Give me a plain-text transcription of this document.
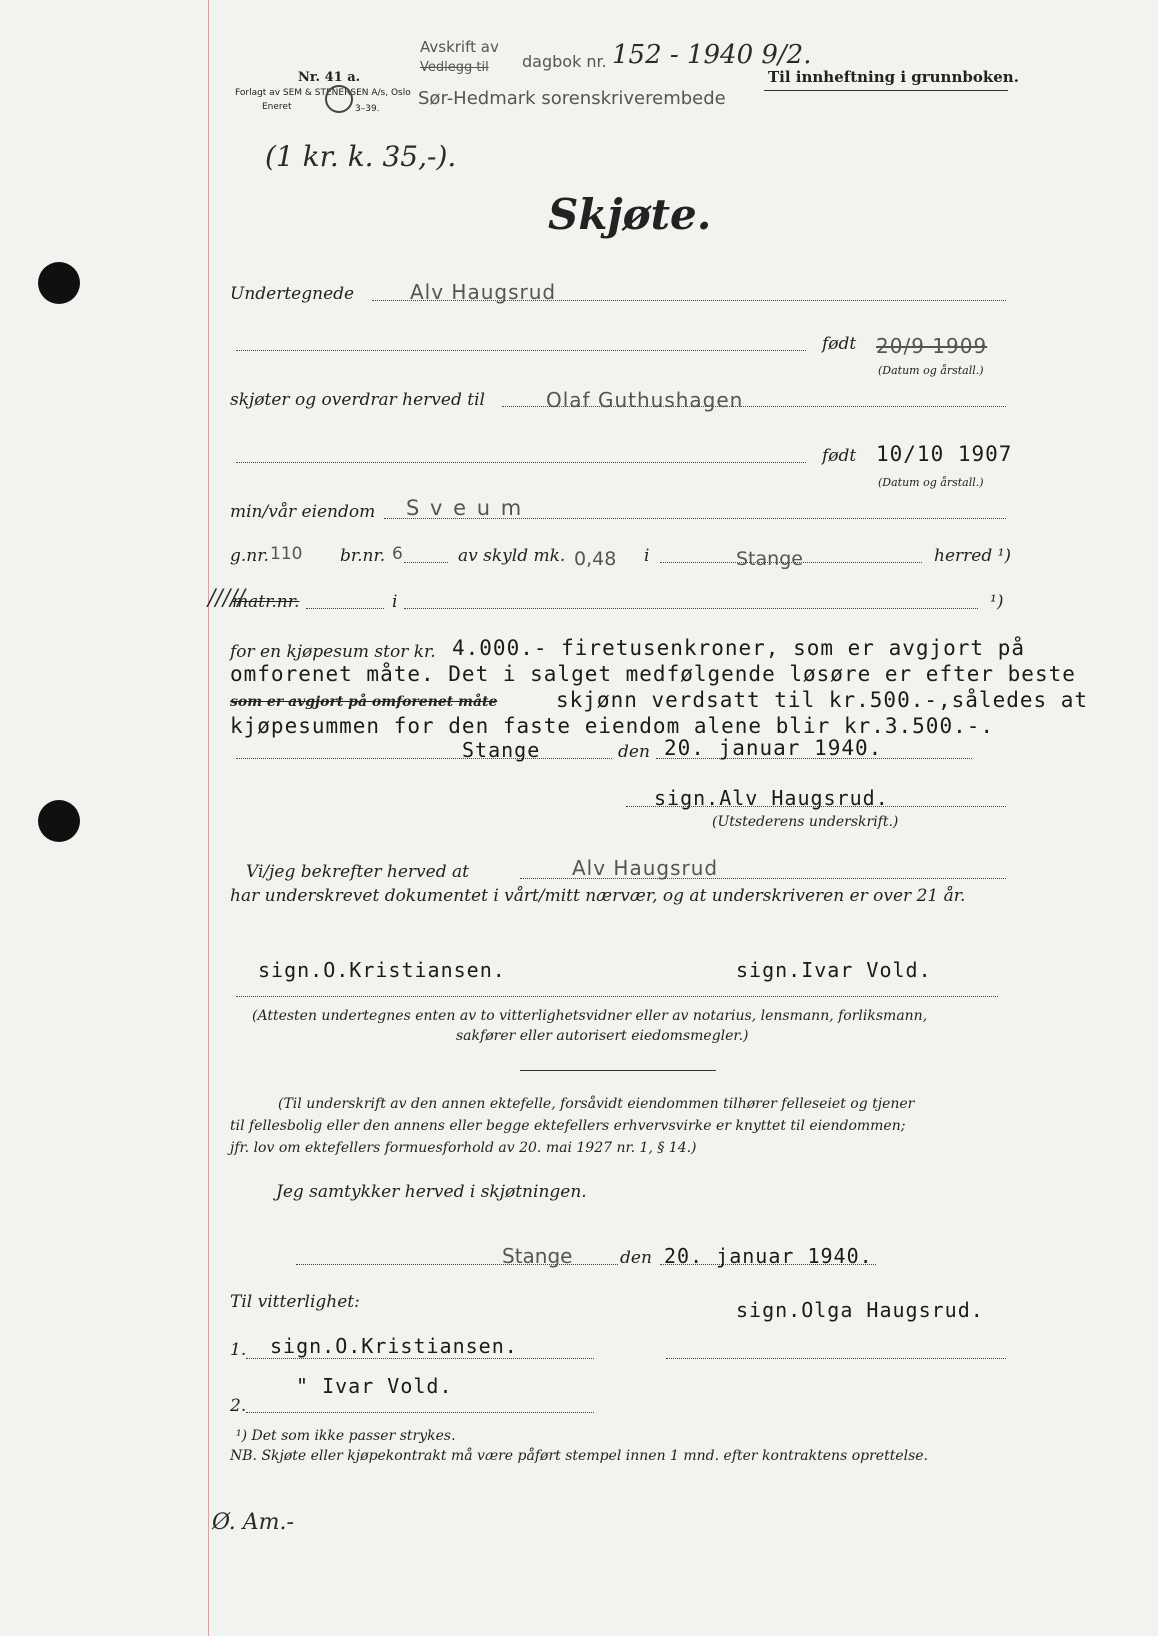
Nr. 41 a.
Forlagt av SEM & STENERSEN A/s, Oslo
Eneret	3–39.
Avskrift av
Vedlegg til dagbok nr. 152 - 1940 9/2.
Sør-Hedmark sorenskriverembede
Til innheftning i grunnboken.
(1 kr. k. 35,-).
Skjøte.
Undertegnede	Alv Haugsrud
født 20/9 1909
(Datum og årstall.)
skjøter og overdrar herved til	Olaf Guthushagen
født 10/10 1907
(Datum og årstall.)
min/vår eiendom S v e u m
g.nr. 110 br.nr. 6	av skyld mk. 0,48 i	Stange	herred ¹)
/////
matr.nr.	i	¹)
for en kjøpesum stor kr. 4.000.- firetusenkroner, som er avgjort på
omforenet måte. Det i salget medfølgende løsøre er efter beste
som er avgjort på omforenet måte	skjønn verdsatt til kr.500.-,således at
kjøpesummen for den faste eiendom alene blir kr.3.500.-.
Stange	den 20. januar 1940.
sign.Alv Haugsrud.
(Utstederens underskrift.)
Vi/jeg bekrefter herved at	Alv Haugsrud
har underskrevet dokumentet i vårt/mitt nærvær, og at underskriveren er over 21 år.
sign.O.Kristiansen.	sign.Ivar Vold.
(Attesten undertegnes enten av to vitterlighetsvidner eller av notarius, lensmann, forliksmann,
sakfører eller autorisert eiedomsmegler.)
(Til underskrift av den annen ektefelle, forsåvidt eiendommen tilhører felleseiet og tjener
til fellesbolig eller den annens eller begge ektefellers erhvervsvirke er knyttet til eiendommen;
jfr. lov om ektefellers formuesforhold av 20. mai 1927 nr. 1, § 14.)
Jeg samtykker herved i skjøtningen.
Stange	den 20. januar 1940.
Til vitterlighet:	sign.Olga Haugsrud.
1. sign.O.Kristiansen.
2.
" Ivar Vold.
¹) Det som ikke passer strykes.
NB. Skjøte eller kjøpekontrakt må være påført stempel innen 1 mnd. efter kontraktens oprettelse.
Ø. Am.-
